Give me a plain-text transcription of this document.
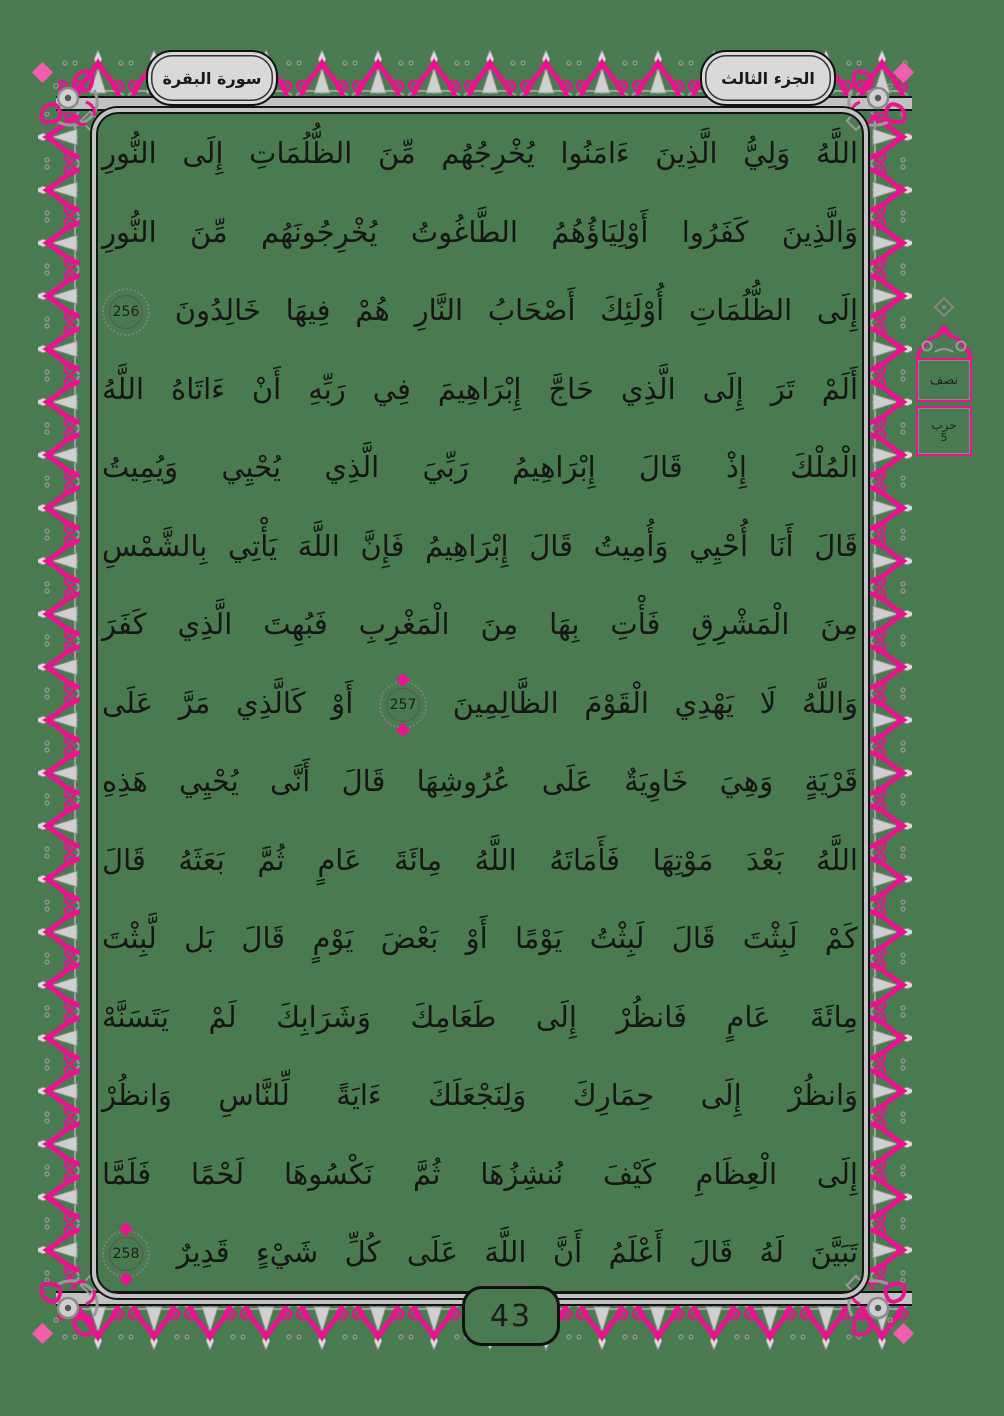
الجزء الثالث
سورة البقرة
43
نصف
حزب
5
اللَّهُ وَلِيُّ الَّذِينَ ءَامَنُوا يُخْرِجُهُم مِّنَ الظُّلُمَاتِ إِلَى النُّورِ
وَالَّذِينَ كَفَرُوا أَوْلِيَاؤُهُمُ الطَّاغُوتُ يُخْرِجُونَهُم مِّنَ النُّورِ
إِلَى الظُّلُمَاتِ أُوْلَئِكَ أَصْحَابُ النَّارِ هُمْ فِيهَا خَالِدُونَ
256
أَلَمْ تَرَ إِلَى الَّذِي حَاجَّ إِبْرَاهِيمَ فِي رَبِّهِ أَنْ ءَاتَاهُ اللَّهُ
الْمُلْكَ إِذْ قَالَ إِبْرَاهِيمُ رَبِّيَ الَّذِي يُحْيِي وَيُمِيتُ
قَالَ أَنَا أُحْيِي وَأُمِيتُ قَالَ إِبْرَاهِيمُ فَإِنَّ اللَّهَ يَأْتِي بِالشَّمْسِ
مِنَ الْمَشْرِقِ فَأْتِ بِهَا مِنَ الْمَغْرِبِ فَبُهِتَ الَّذِي كَفَرَ
وَاللَّهُ لَا يَهْدِي الْقَوْمَ الظَّالِمِينَ
257
أَوْ كَالَّذِي مَرَّ عَلَى
قَرْيَةٍ وَهِيَ خَاوِيَةٌ عَلَى عُرُوشِهَا قَالَ أَنَّى يُحْيِي هَذِهِ
اللَّهُ بَعْدَ مَوْتِهَا فَأَمَاتَهُ اللَّهُ مِائَةَ عَامٍ ثُمَّ بَعَثَهُ قَالَ
كَمْ لَبِثْتَ قَالَ لَبِثْتُ يَوْمًا أَوْ بَعْضَ يَوْمٍ قَالَ بَل لَّبِثْتَ
مِائَةَ عَامٍ فَانظُرْ إِلَى طَعَامِكَ وَشَرَابِكَ لَمْ يَتَسَنَّهْ
وَانظُرْ إِلَى حِمَارِكَ وَلِنَجْعَلَكَ ءَايَةً لِّلنَّاسِ وَانظُرْ
إِلَى الْعِظَامِ كَيْفَ نُنشِزُهَا ثُمَّ نَكْسُوهَا لَحْمًا فَلَمَّا
تَبَيَّنَ لَهُ قَالَ أَعْلَمُ أَنَّ اللَّهَ عَلَى كُلِّ شَيْءٍ قَدِيرٌ
258
